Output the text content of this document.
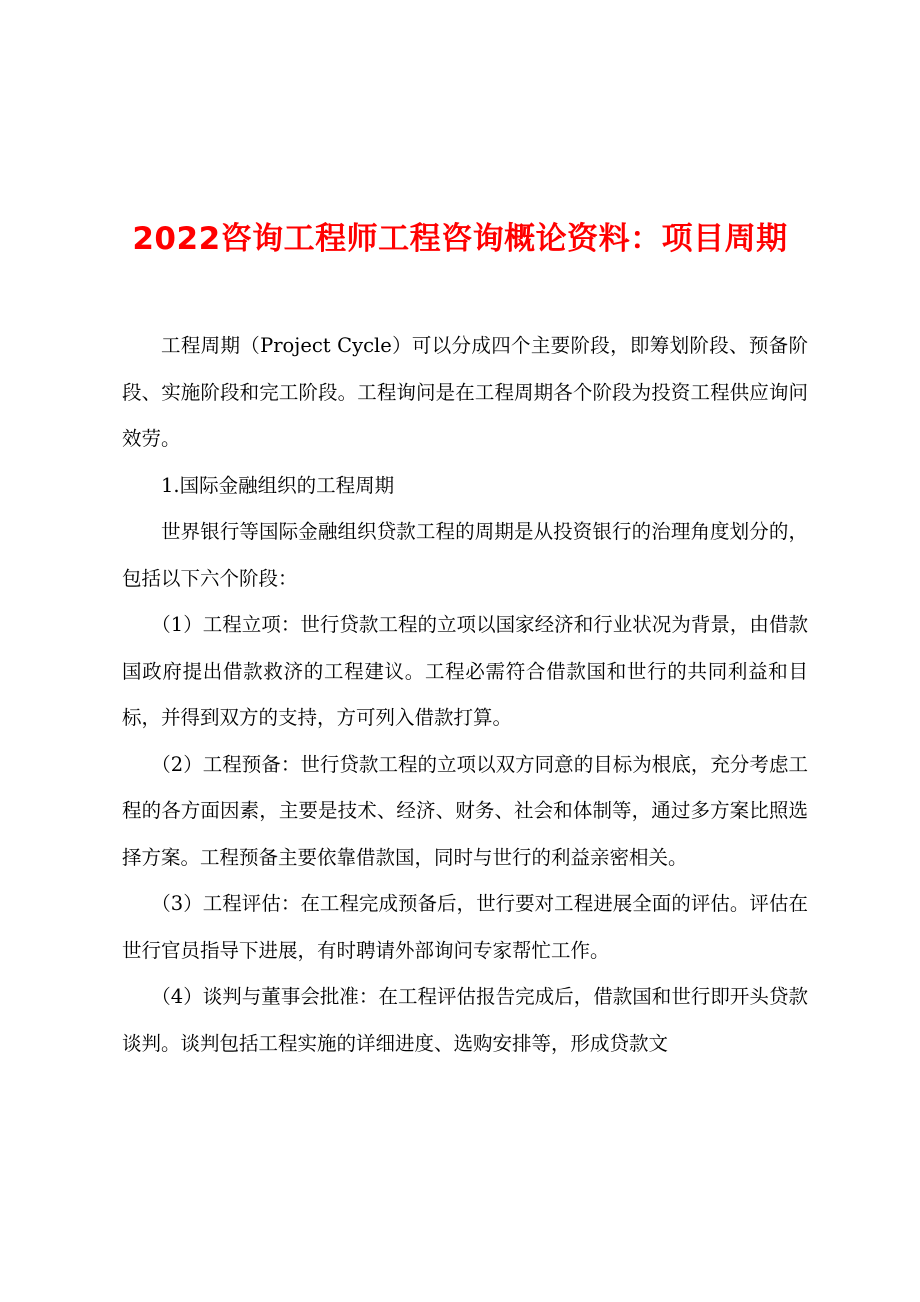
2022咨询工程师工程咨询概论资料：项目周期

工程周期（Project Cycle）可以分成四个主要阶段，即筹划阶段、预备阶段、实施阶段和完工阶段。工程询问是在工程周期各个阶段为投资工程供应询问效劳。

1.国际金融组织的工程周期

世界银行等国际金融组织贷款工程的周期是从投资银行的治理角度划分的，包括以下六个阶段：

（1）工程立项：世行贷款工程的立项以国家经济和行业状况为背景，由借款国政府提出借款救济的工程建议。工程必需符合借款国和世行的共同利益和目标，并得到双方的支持，方可列入借款打算。

（2）工程预备：世行贷款工程的立项以双方同意的目标为根底，充分考虑工程的各方面因素，主要是技术、经济、财务、社会和体制等，通过多方案比照选择方案。工程预备主要依靠借款国，同时与世行的利益亲密相关。

（3）工程评估：在工程完成预备后，世行要对工程进展全面的评估。评估在世行官员指导下进展，有时聘请外部询问专家帮忙工作。

（4）谈判与董事会批准：在工程评估报告完成后，借款国和世行即开头贷款谈判。谈判包括工程实施的详细进度、选购安排等，形成贷款文
